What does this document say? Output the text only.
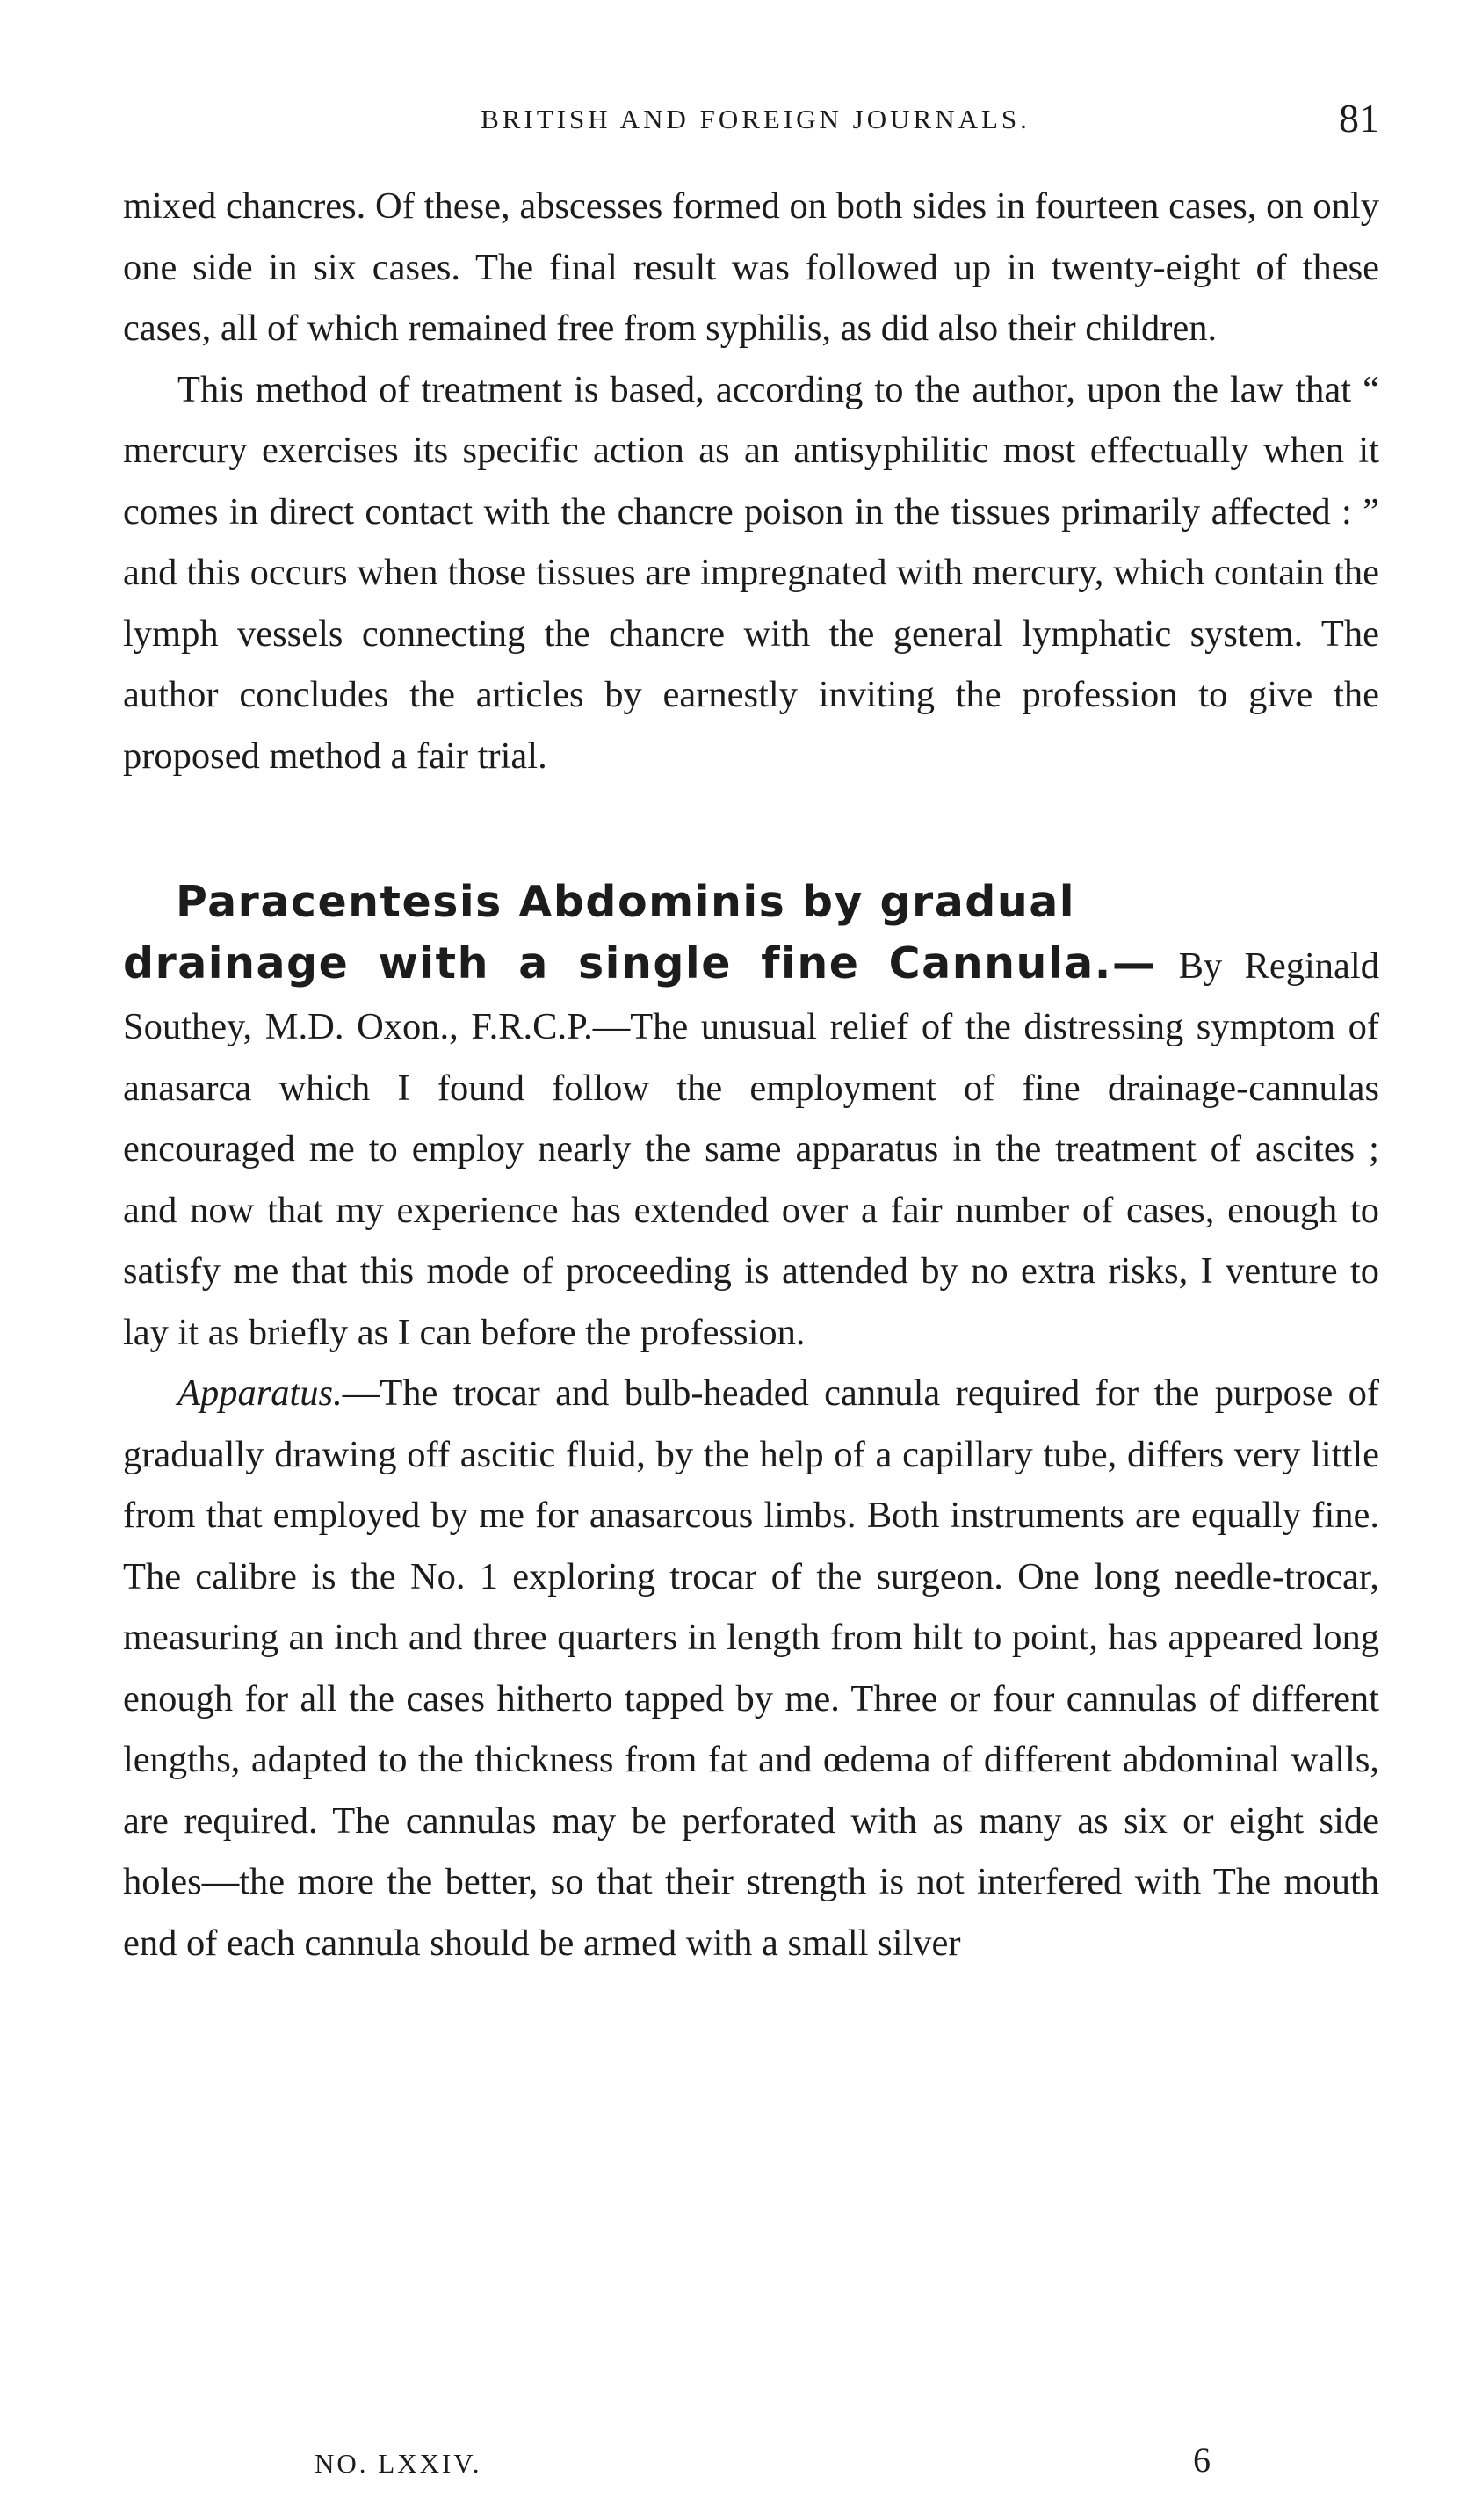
BRITISH AND FOREIGN JOURNALS.	81

mixed chancres. Of these, abscesses formed on both sides in fourteen cases, on only one side in six cases. The final result was followed up in twenty-eight of these cases, all of which remained free from syphilis, as did also their children.

This method of treatment is based, according to the author, upon the law that “ mercury exercises its specific action as an antisyphilitic most effectually when it comes in direct contact with the chancre poison in the tissues primarily affected : ” and this occurs when those tissues are impregnated with mercury, which contain the lymph vessels connecting the chancre with the general lymphatic system. The author concludes the articles by earnestly inviting the profession to give the proposed method a fair trial.

Paracentesis Abdominis by gradual

drainage with a single fine Cannula.— By Reginald Southey, M.D. Oxon., F.R.C.P.—The unusual relief of the distressing symptom of anasarca which I found follow the employment of fine drainage-cannulas encouraged me to employ nearly the same apparatus in the treatment of ascites ; and now that my experience has extended over a fair number of cases, enough to satisfy me that this mode of proceeding is attended by no extra risks, I venture to lay it as briefly as I can before the profession.

Apparatus.—The trocar and bulb-headed cannula required for the purpose of gradually drawing off ascitic fluid, by the help of a capillary tube, differs very little from that employed by me for anasarcous limbs. Both instruments are equally fine. The calibre is the No. 1 exploring trocar of the surgeon. One long needle-trocar, measuring an inch and three quarters in length from hilt to point, has appeared long enough for all the cases hitherto tapped by me. Three or four cannulas of different lengths, adapted to the thickness from fat and œdema of different abdominal walls, are required. The cannulas may be perforated with as many as six or eight side holes—the more the better, so that their strength is not interfered with The mouth end of each cannula should be armed with a small silver

NO. LXXIV.	6
